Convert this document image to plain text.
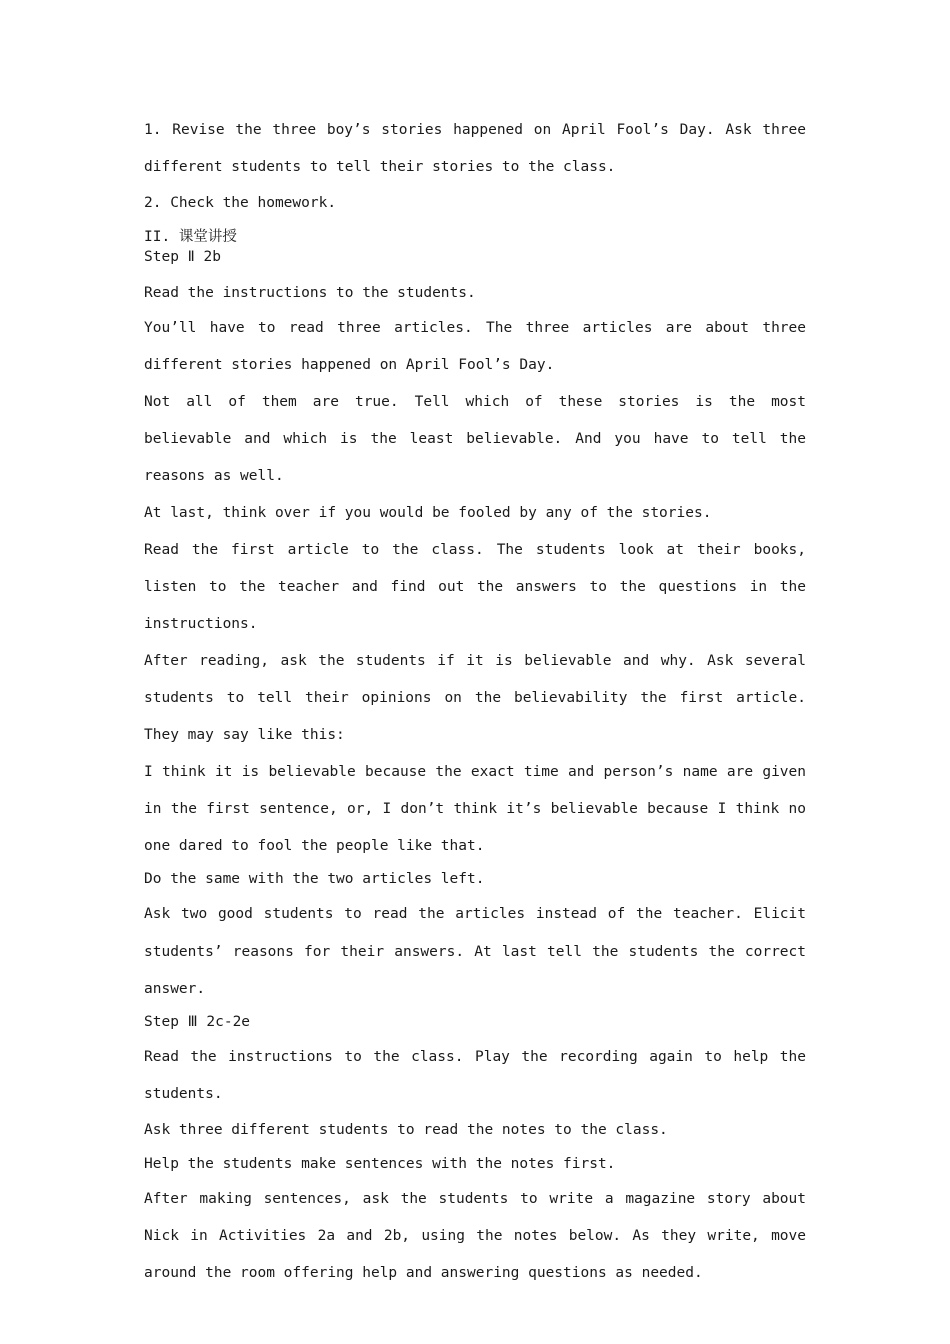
1. Revise the three boy’s stories happened on April Fool’s Day. Ask three different students to tell their stories to the class.

2. Check the homework.

II. 课堂讲授

Step Ⅱ 2b

Read the instructions to the students.

You’ll have to read three articles. The three articles are about three different stories happened on April Fool’s Day.

Not all of them are true. Tell which of these stories is the most believable and which is the least believable. And you have to tell the reasons as well.

At last, think over if you would be fooled by any of the stories.

Read the first article to the class. The students look at their books, listen to the teacher and find out the answers to the questions in the instructions.

After reading, ask the students if it is believable and why. Ask several students to tell their opinions on the believability the first article. They may say like this:

I think it is believable because the exact time and person’s name are given in the first sentence, or, I don’t think it’s believable because I think no one dared to fool the people like that.

Do the same with the two articles left.

Ask two good students to read the articles instead of the teacher. Elicit students’ reasons for their answers. At last tell the students the correct answer.

Step Ⅲ 2c-2e

Read the instructions to the class. Play the recording again to help the students.

Ask three different students to read the notes to the class.

Help the students make sentences with the notes first.

After making sentences, ask the students to write a magazine story about Nick in Activities 2a and 2b, using the notes below. As they write, move around the room offering help and answering questions as needed.
